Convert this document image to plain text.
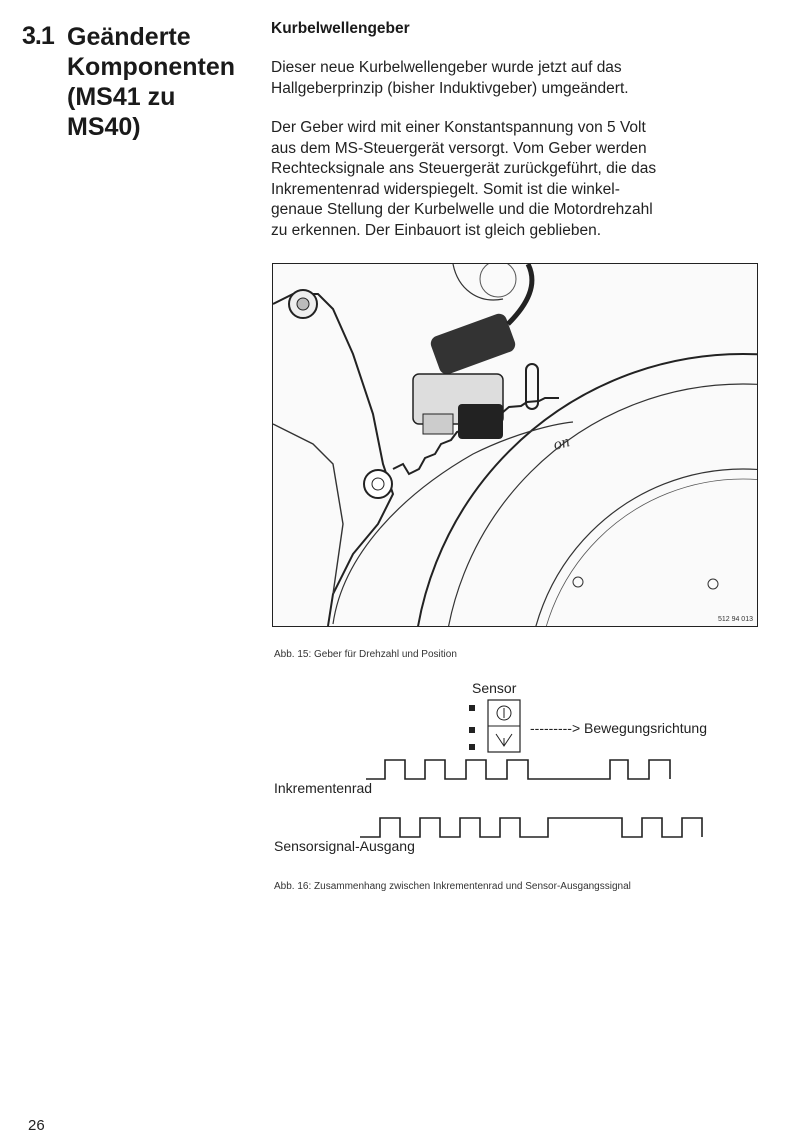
3.1 Geänderte
Komponenten
(MS41 zu
MS40)
Kurbelwellengeber
Dieser neue Kurbelwellengeber wurde jetzt auf das
Hallgeberprinzip (bisher Induktivgeber) umgeändert.
Der Geber wird mit einer Konstantspannung von 5 Volt
aus dem MS-Steuergerät versorgt. Vom Geber werden
Rechtecksignale ans Steuergerät zurückgeführt, die das
Inkrementenrad widerspiegelt. Somit ist die winkel-
genaue Stellung der Kurbelwelle und die Motordrehzahl
zu erkennen. Der Einbauort ist gleich geblieben.
on
512 94 013
Abb. 15: Geber für Drehzahl und Position
Sensor
---------> Bewegungsrichtung
Inkrementenrad
Sensorsignal-Ausgang
Abb. 16: Zusammenhang zwischen Inkrementenrad und Sensor-Ausgangssignal
26
